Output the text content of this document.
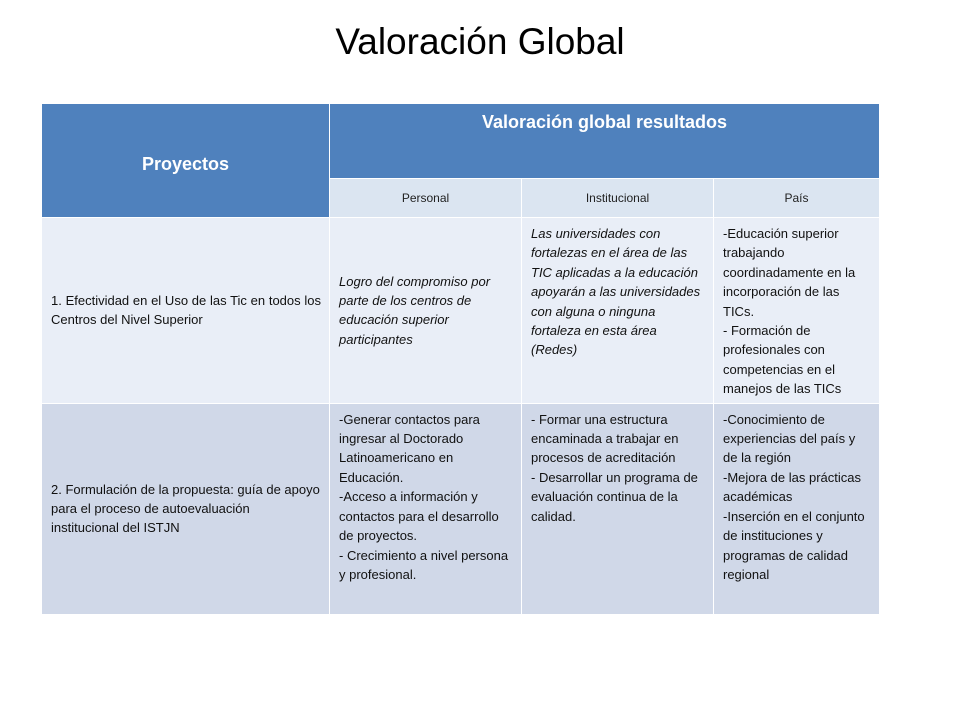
Valoración Global
Proyectos	Valoración global resultados		
	Personal	Institucional	País
1. Efectividad en el Uso de las Tic en todos los Centros del Nivel Superior	Logro del compromiso por parte de los centros de educación superior participantes	Las universidades con fortalezas en el área de las TIC aplicadas a la educación apoyarán a las universidades con alguna o ninguna fortaleza en esta área (Redes)	-Educación superior trabajando coordinadamente en la incorporación de las TICs.
- Formación de profesionales con competencias en el manejos de las TICs
2. Formulación de la propuesta: guía de apoyo para el proceso de autoevaluación institucional del ISTJN	-Generar contactos para ingresar al Doctorado Latinoamericano en Educación.
-Acceso a información y contactos para el desarrollo de proyectos.
- Crecimiento a nivel persona y profesional.	- Formar una estructura encaminada a trabajar en procesos de acreditación
- Desarrollar un programa de evaluación continua de la calidad.	-Conocimiento de experiencias del país y de la región
-Mejora de las prácticas académicas
-Inserción en el conjunto de instituciones y programas de calidad regional
